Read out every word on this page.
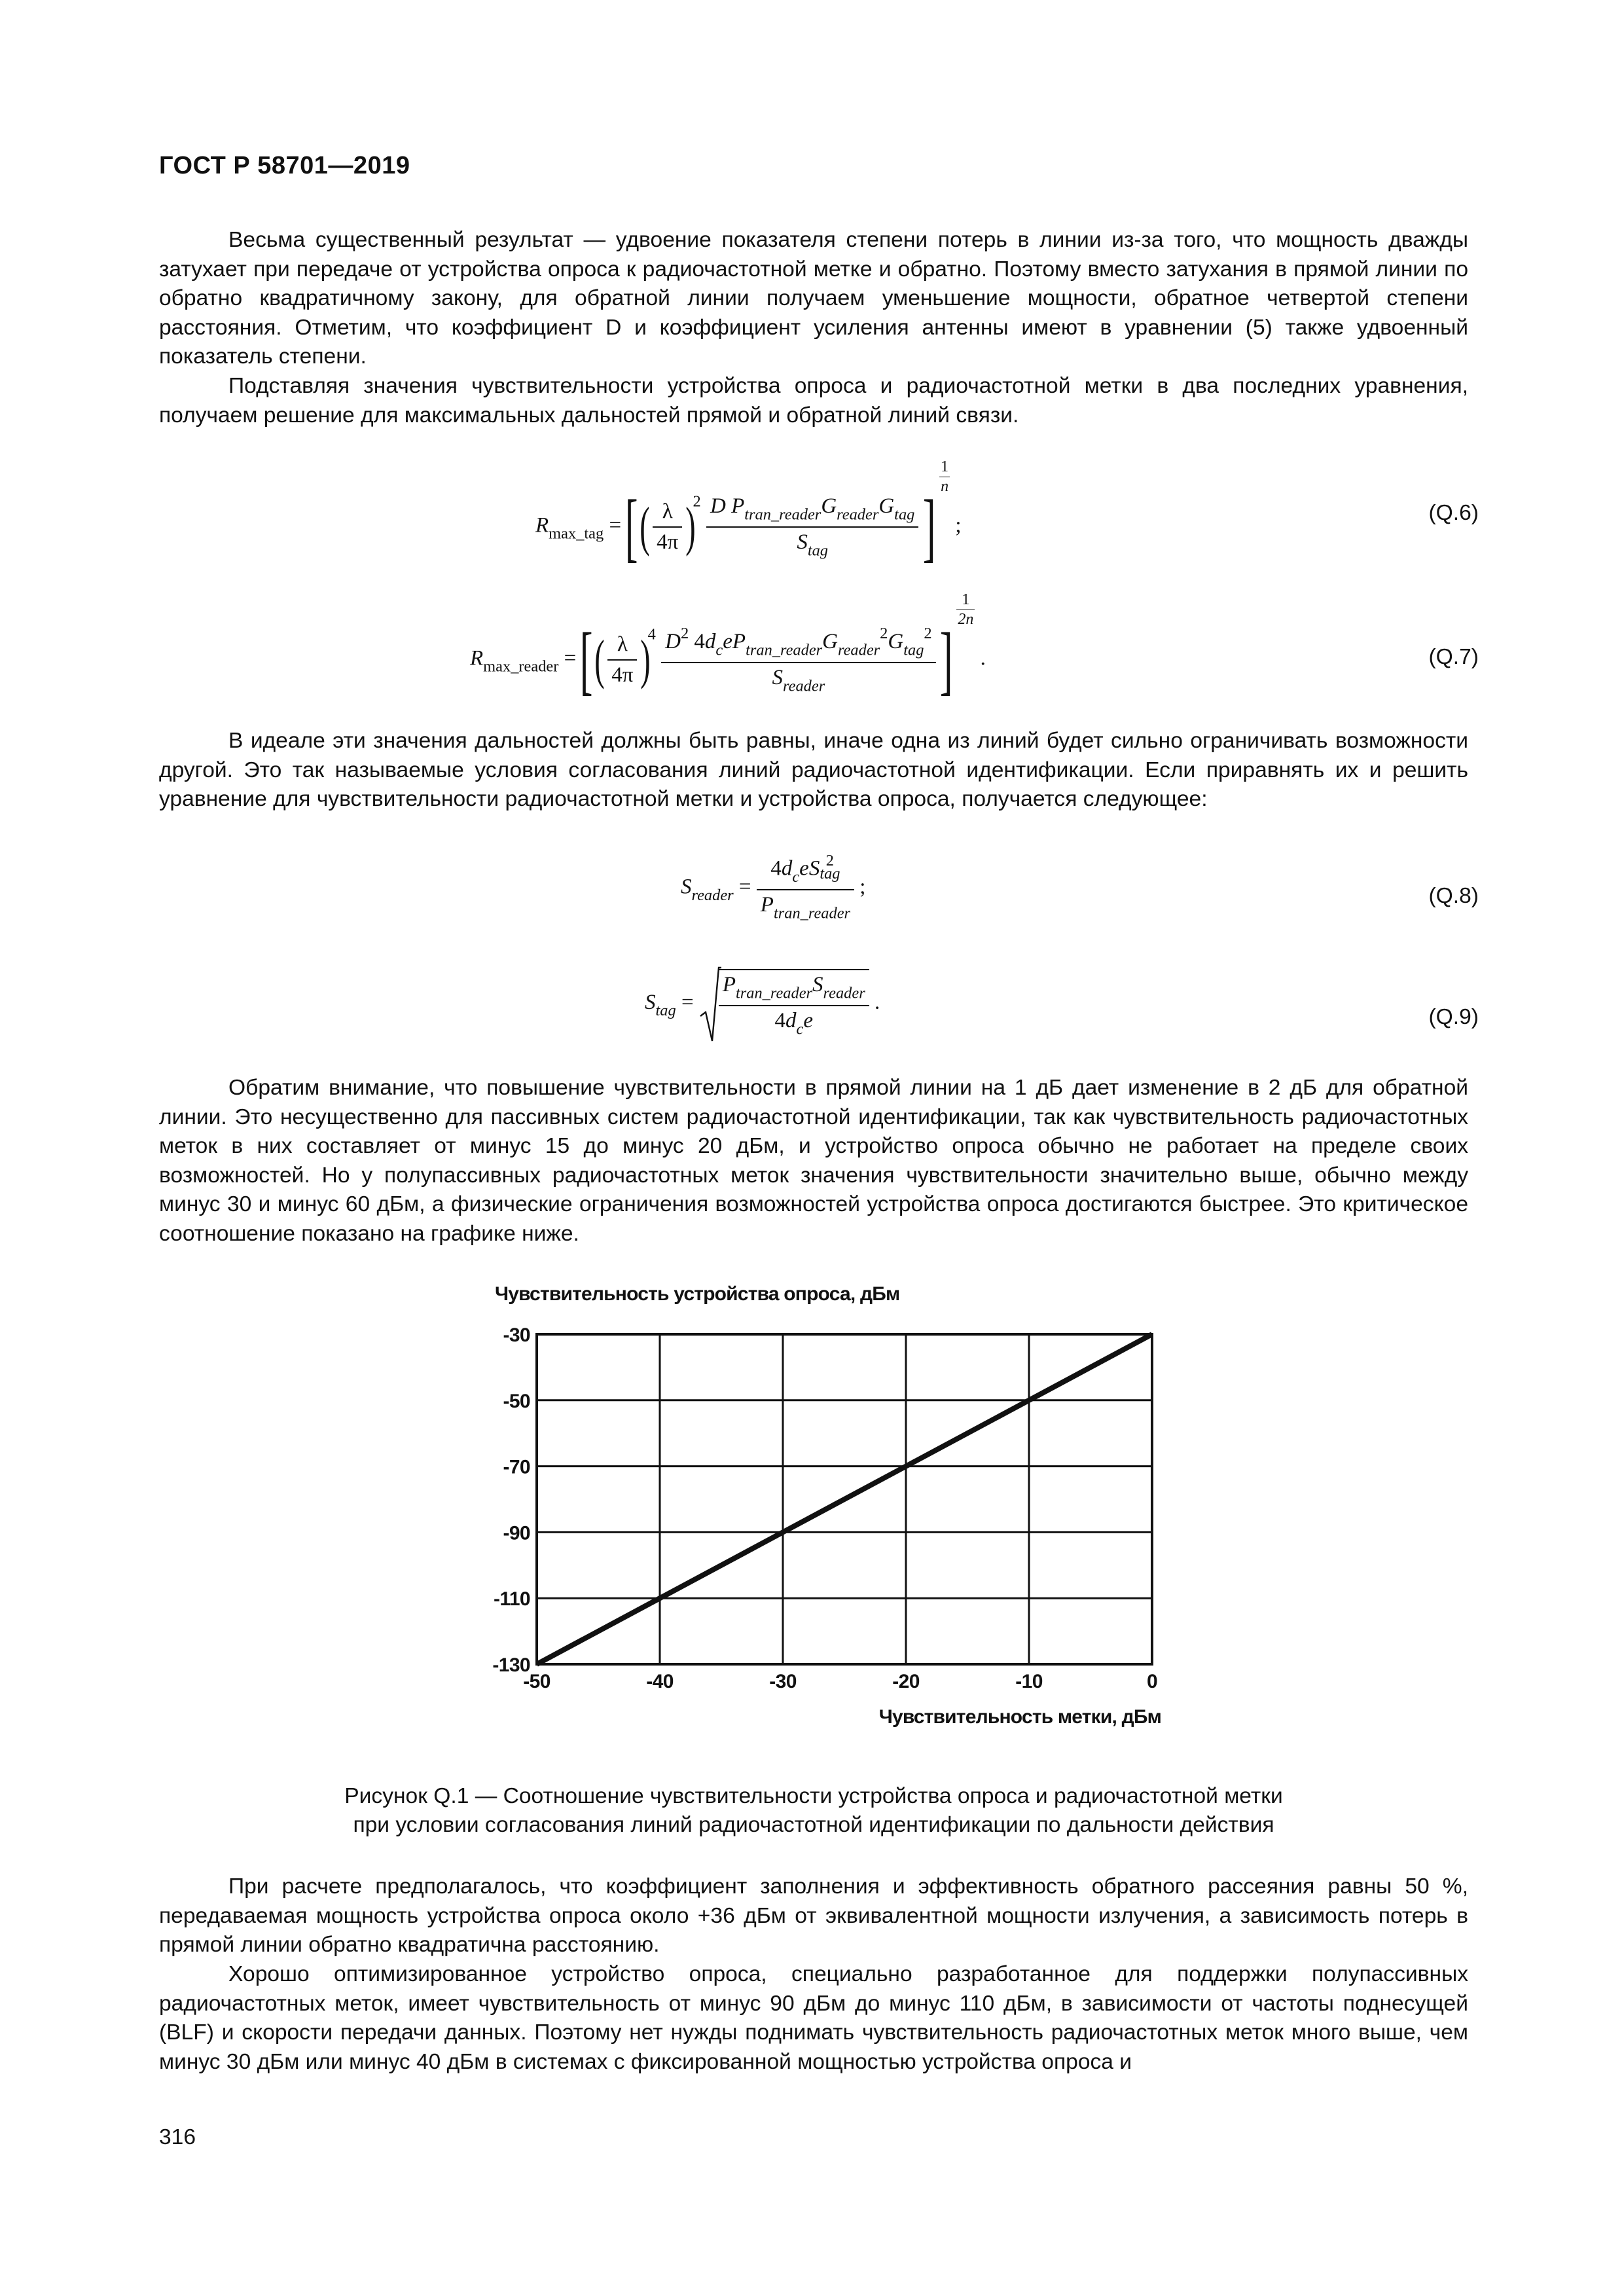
ГОСТ Р 58701—2019

Весьма существенный результат — удвоение показателя степени потерь в линии из-за того, что мощность дважды затухает при передаче от устройства опроса к радиочастотной метке и обратно. Поэтому вместо затухания в прямой линии по обратно квадратичному закону, для обратной линии получаем уменьшение мощности, обратное четвертой степени расстояния. Отметим, что коэффициент D и коэффициент усиления антенны имеют в уравнении (5) также удвоенный показатель степени.

Подставляя значения чувствительности устройства опроса и радиочастотной метки в два последних уравнения, получаем решение для максимальных дальностей прямой и обратной линий связи.

$R_{max\_tag}$ = [ ( $\frac{\lambda}{4\pi} )^2 \frac{D P_{tran\_reader}G_{reader}G_{tag}}{S_{tag}}$ ]
$\frac{1}{n}$
;
(Q.6)
$R_{max\_reader}$ = [ ( $\frac{\lambda}{4\pi} )^4 \frac{D^2 4d_ceP_{tran\_reader}G_{reader}^2G_{tag}^2}{S_{reader}}$ ]
$\frac{1}{2n}$
.	(Q.7)

В идеале эти значения дальностей должны быть равны, иначе одна из линий будет сильно ограничивать возможности другой. Это так называемые условия согласования линий радиочастотной идентификации. Если приравнять их и решить уравнение для чувствительности радиочастотной метки и устройства опроса, получается следующее:

$S_{reader} = 4d_ceS$ 2
tag
$P_{tran\_reader}$ ;	(Q.8)
$S_{tag} = \frac{P_{tran\_reader}S_{reader}}{4d_ce}$ .
(Q.9)

Обратим внимание, что повышение чувствительности в прямой линии на 1 дБ дает изменение в 2 дБ для обратной линии. Это несущественно для пассивных систем радиочастотной идентификации, так как чувствительность радиочастотных меток в них составляет от минус 15 до минус 20 дБм, и устройство опроса обычно не работает на пределе своих возможностей. Но у полупассивных радиочастотных меток значения чувствительности значительно выше, обычно между минус 30 и минус 60 дБм, а физические ограничения возможностей устройства опроса достигаются быстрее. Это критическое соотношение показано на графике ниже.

Чувствительность устройства опроса, дБм
-30
-50
-70
-90
-110
-130
-50	-40	-30	-20	-10	0
Чувствительность метки, дБм
Рисунок Q.1 — Соотношение чувствительности устройства опроса и радиочастотной метки
при условии согласования линий радиочастотной идентификации по дальности действия

При расчете предполагалось, что коэффициент заполнения и эффективность обратного рассеяния равны 50 %, передаваемая мощность устройства опроса около +36 дБм от эквивалентной мощности излучения, а зависимость потерь в прямой линии обратно квадратична расстоянию.

Хорошо оптимизированное устройство опроса, специально разработанное для поддержки полупассивных радиочастотных меток, имеет чувствительность от минус 90 дБм до минус 110 дБм, в зависимости от частоты поднесущей (BLF) и скорости передачи данных. Поэтому нет нужды поднимать чувствительность радиочастотных меток много выше, чем минус 30 дБм или минус 40 дБм в системах с фиксированной мощностью устройства опроса и

316
